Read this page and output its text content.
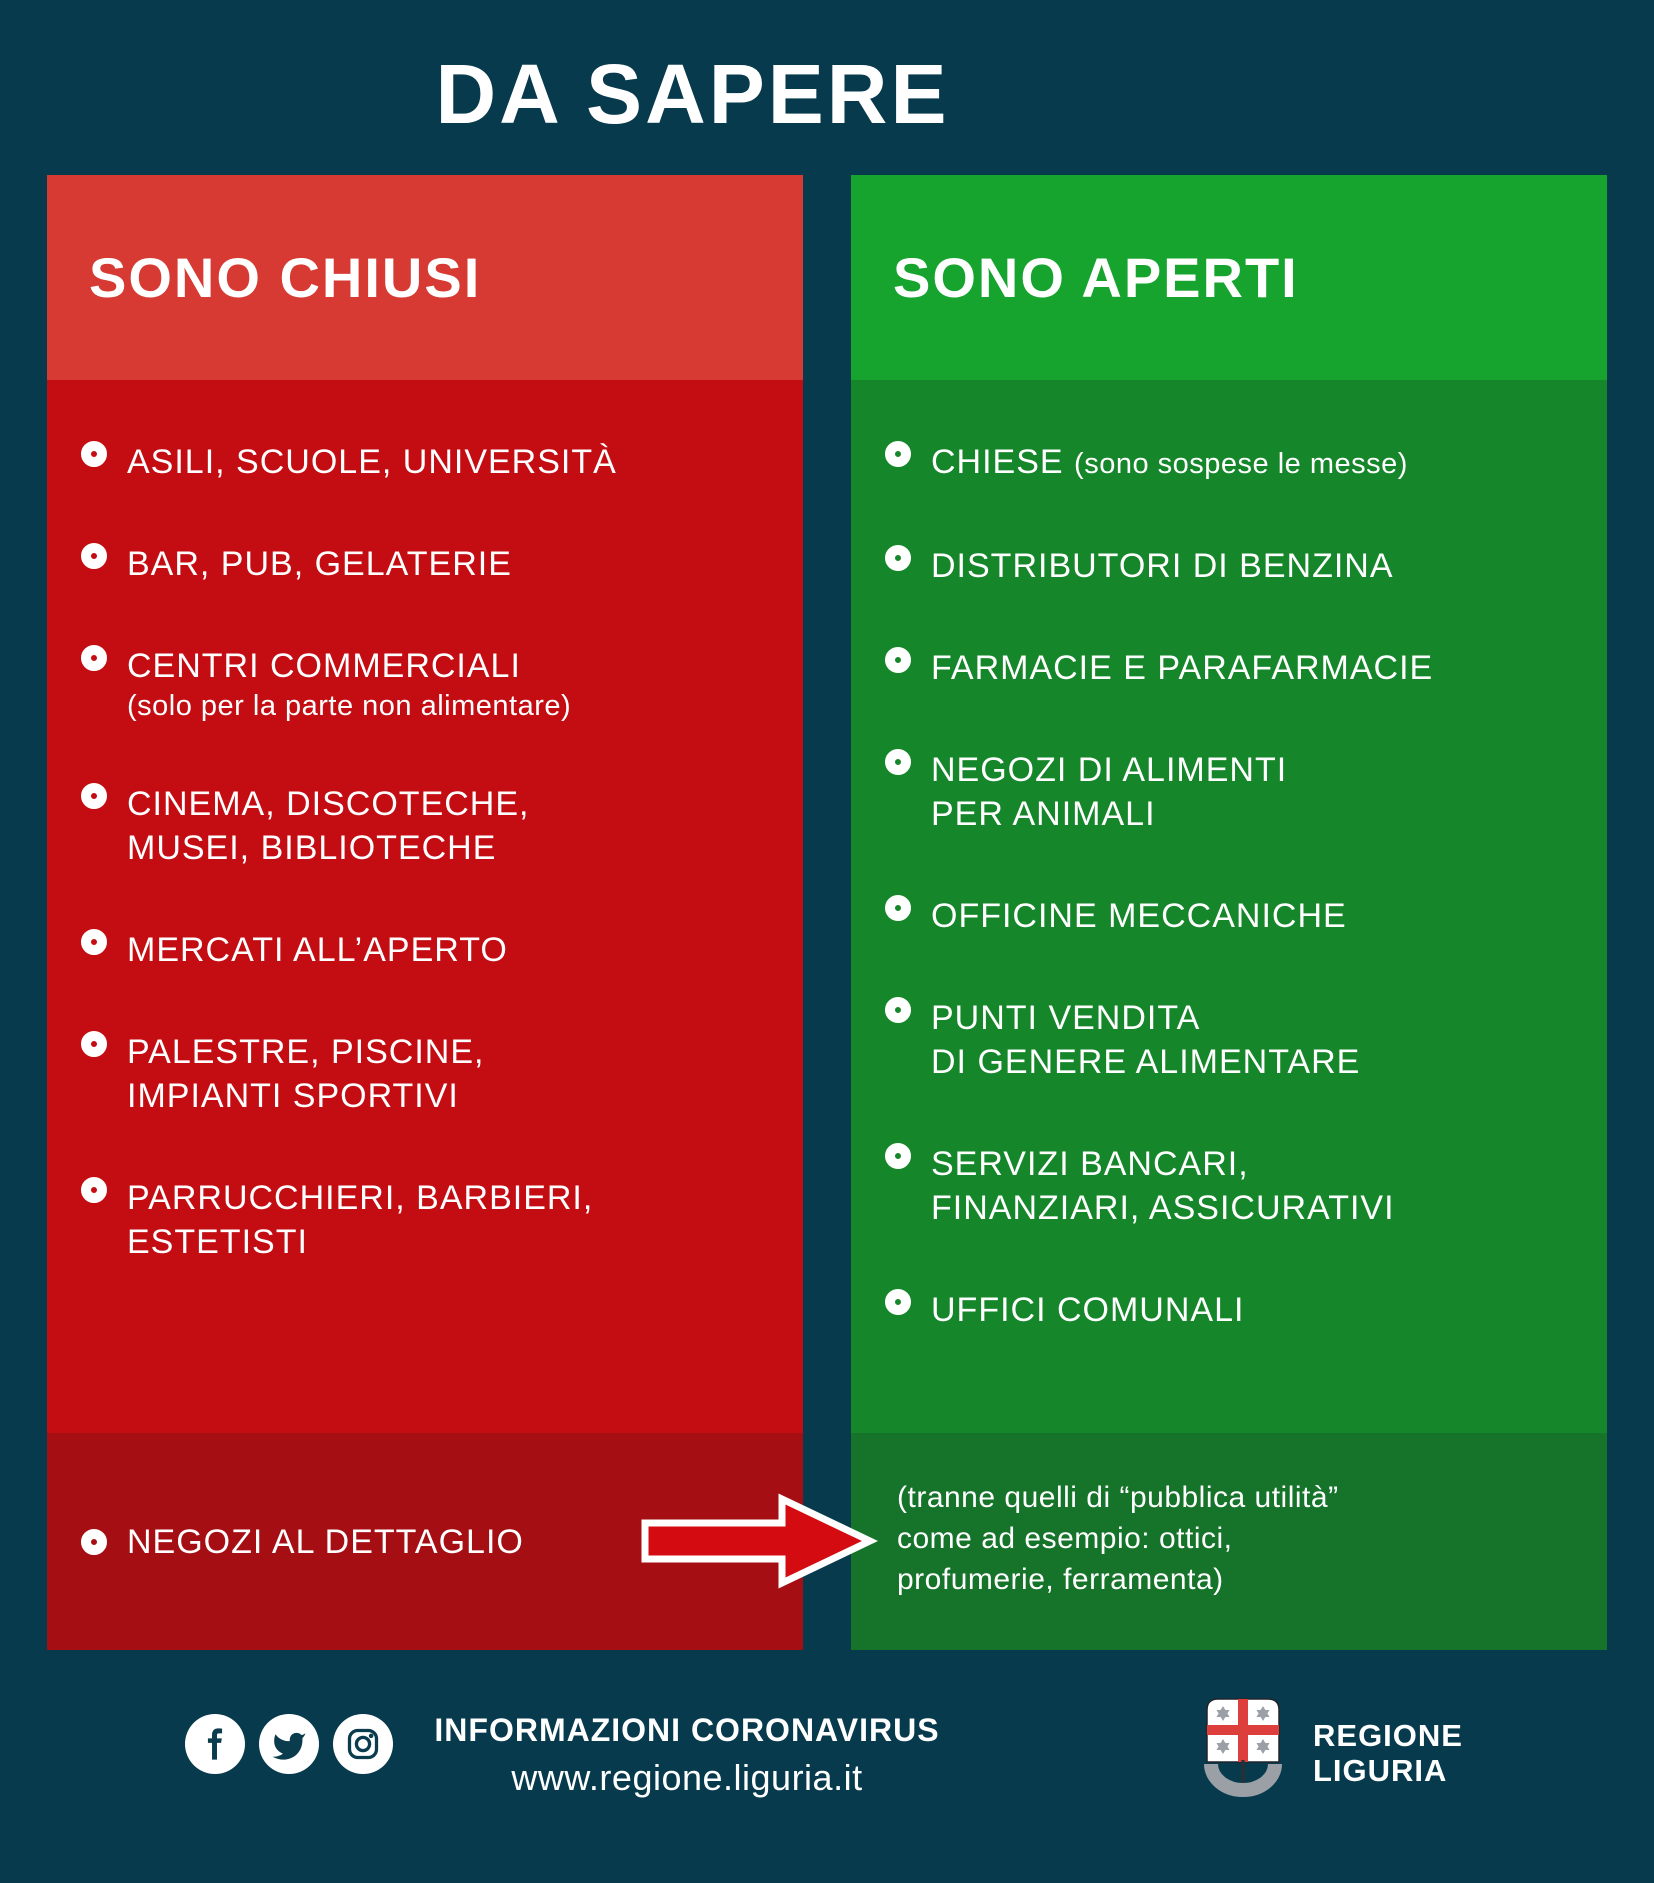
DA SAPERE
SONO CHIUSI
ASILI, SCUOLE, UNIVERSITÀ
BAR, PUB, GELATERIE
CENTRI COMMERCIALI
(solo per la parte non alimentare)
CINEMA, DISCOTECHE,
MUSEI, BIBLIOTECHE
MERCATI ALL’APERTO
PALESTRE, PISCINE,
IMPIANTI SPORTIVI
PARRUCCHIERI, BARBIERI,
ESTETISTI
NEGOZI AL DETTAGLIO
SONO APERTI
CHIESE (sono sospese le messe)
DISTRIBUTORI DI BENZINA
FARMACIE E PARAFARMACIE
NEGOZI DI ALIMENTI
PER ANIMALI
OFFICINE MECCANICHE
PUNTI VENDITA
DI GENERE ALIMENTARE
SERVIZI BANCARI,
FINANZIARI, ASSICURATIVI
UFFICI COMUNALI
(tranne quelli di “pubblica utilità”
come ad esempio: ottici,
profumerie, ferramenta)
INFORMAZIONI CORONAVIRUS
www.regione.liguria.it
REGIONE
LIGURIA
